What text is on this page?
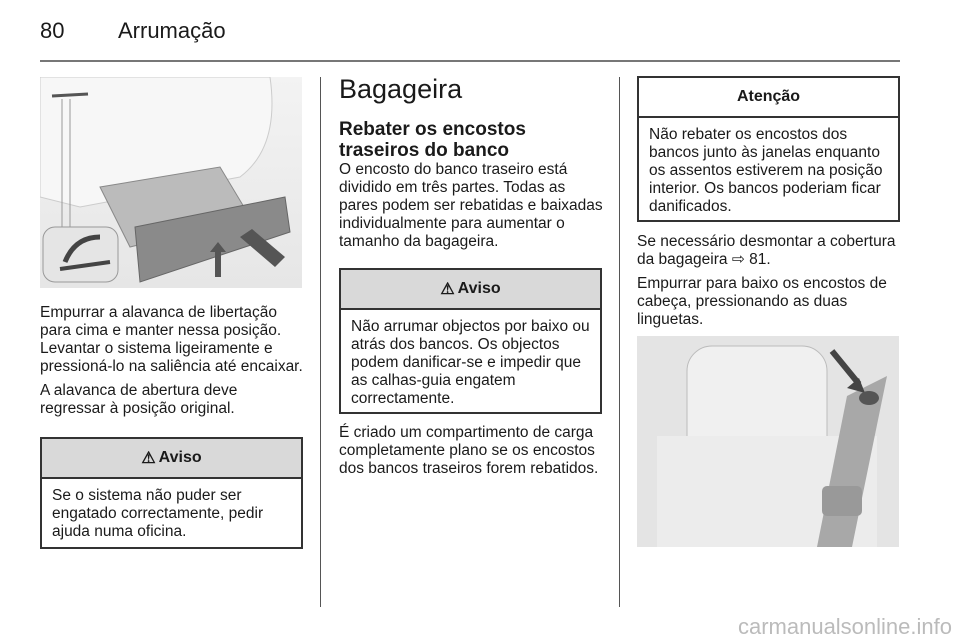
80 Arrumação

Empurrar a alavanca de libertação para cima e manter nessa posição. Levantar o sistema ligeiramente e pressioná-lo na saliência até encaixar.

A alavanca de abertura deve regressar à posição original.

⚠ Aviso
Se o sistema não puder ser engatado correctamente, pedir ajuda numa oficina.
Bagageira
Rebater os encostos traseiros do banco

O encosto do banco traseiro está dividido em três partes. Todas as pares podem ser rebatidas e baixadas individualmente para aumentar o tamanho da bagageira.

⚠ Aviso
Não arrumar objectos por baixo ou atrás dos bancos. Os objectos podem danificar-se e impedir que as calhas-guia engatem correctamente.

É criado um compartimento de carga completamente plano se os encostos dos bancos traseiros forem rebatidos.

Atenção
Não rebater os encostos dos bancos junto às janelas enquanto os assentos estiverem na posição interior. Os bancos poderiam ficar danificados.

Se necessário desmontar a cobertura da bagageira ⇨ 81.

Empurrar para baixo os encostos de cabeça, pressionando as duas linguetas.

carmanualsonline.info
